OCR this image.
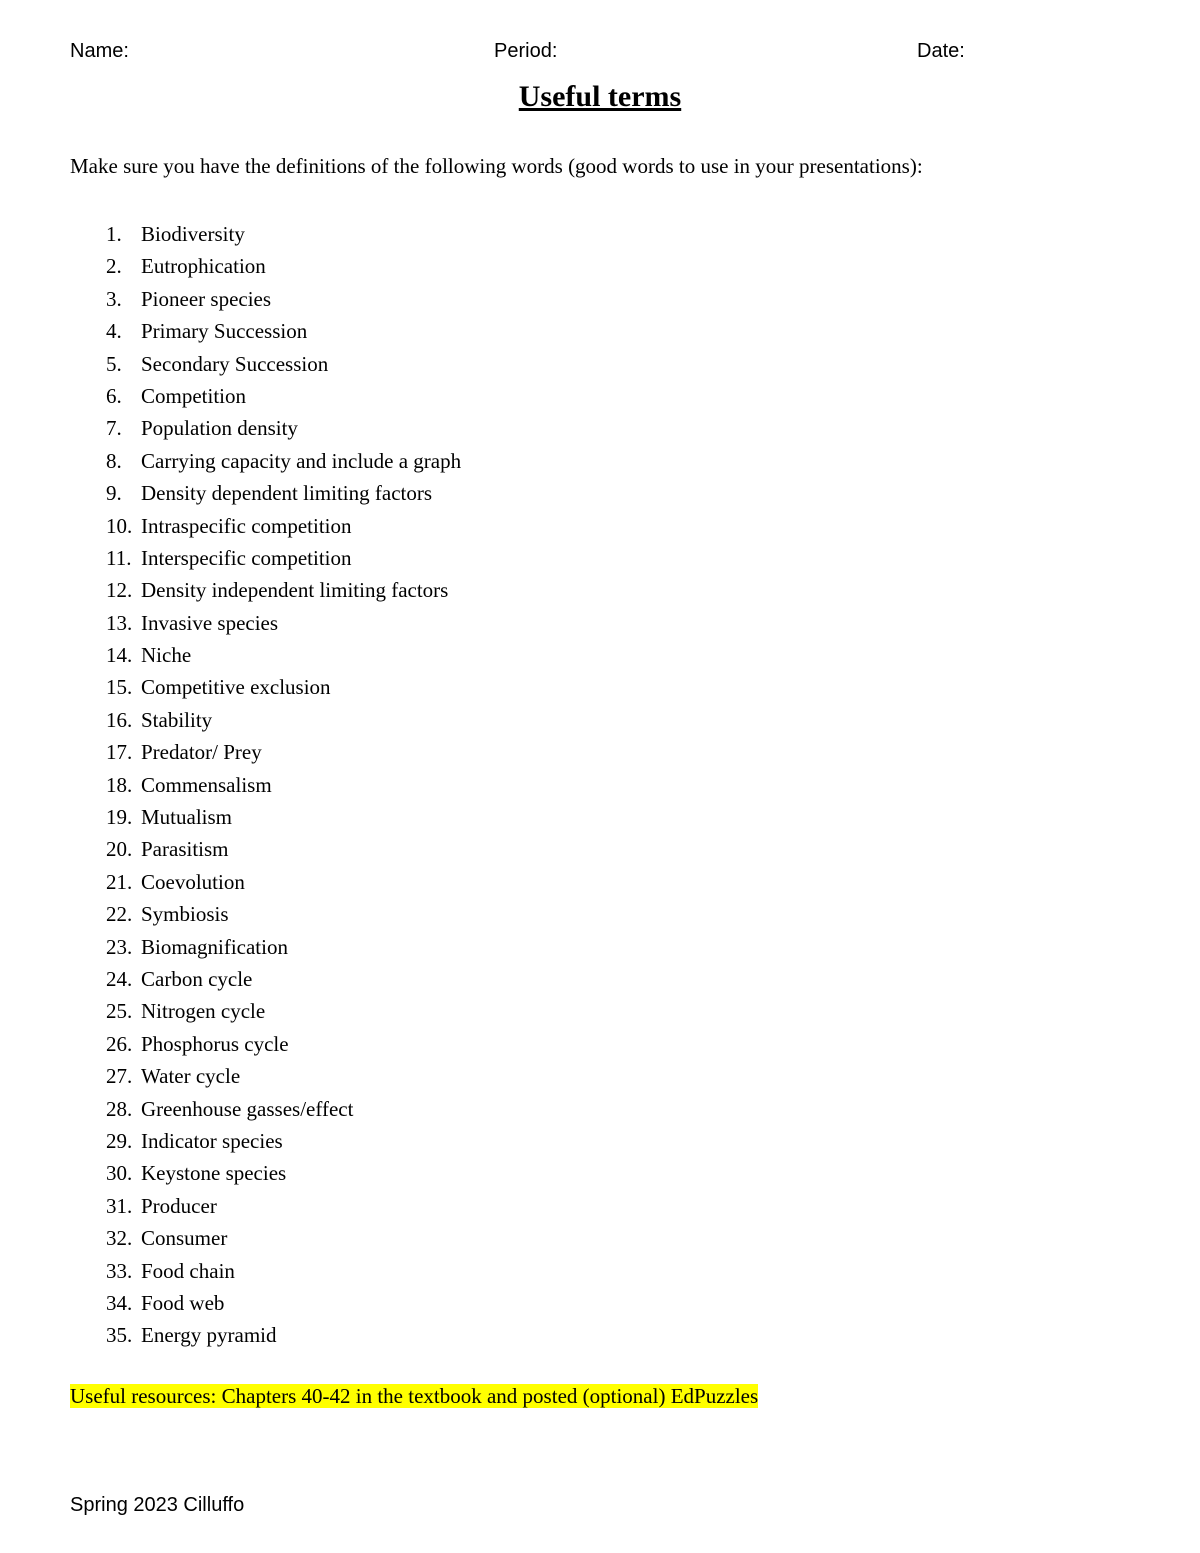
Name:	Period:	Date:
Useful terms

Make sure you have the definitions of the following words (good words to use in your presentations):

1. Biodiversity
2. Eutrophication
3. Pioneer species
4. Primary Succession
5. Secondary Succession
6. Competition
7. Population density
8. Carrying capacity and include a graph
9. Density dependent limiting factors
10. Intraspecific competition
11. Interspecific competition
12. Density independent limiting factors
13. Invasive species
14. Niche
15. Competitive exclusion
16. Stability
17. Predator/ Prey
18. Commensalism
19. Mutualism
20. Parasitism
21. Coevolution
22. Symbiosis
23. Biomagnification
24. Carbon cycle
25. Nitrogen cycle
26. Phosphorus cycle
27. Water cycle
28. Greenhouse gasses/effect
29. Indicator species
30. Keystone species
31. Producer
32. Consumer
33. Food chain
34. Food web
35. Energy pyramid

Useful resources: Chapters 40-42 in the textbook and posted (optional) EdPuzzles

Spring 2023 Cilluffo
